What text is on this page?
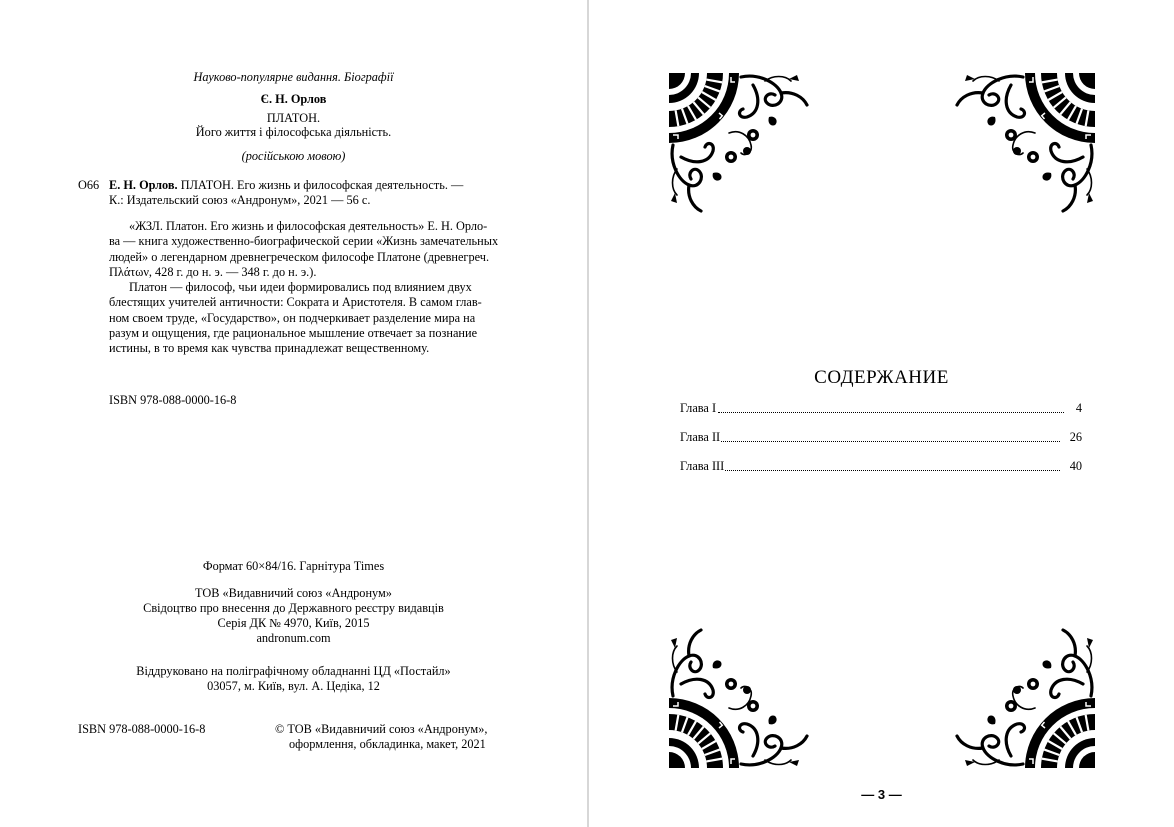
Науково-популярне видання. Біографії
Є. Н. Орлов
ПЛАТОН.
Його життя і філософська діяльність.
(російською мовою)
О66 Е. Н. Орлов. ПЛАТОН. Его жизнь и философская деятельность. —
К.: Издательский союз «Андронум», 2021 — 56 с.
«ЖЗЛ. Платон. Его жизнь и философская деятельность» Е. Н. Орло-
ва — книга художественно-биографической серии «Жизнь замечательных
людей» о легендарном древнегреческом философе Платоне (древнегреч.
Πλάτων, 428 г. до н. э. — 348 г. до н. э.).
Платон — философ, чьи идеи формировались под влиянием двух
блестящих учителей античности: Сократа и Аристотеля. В самом глав-
ном своем труде, «Государство», он подчеркивает разделение мира на
разум и ощущения, где рациональное мышление отвечает за познание
истины, в то время как чувства принадлежат вещественному.
ISBN 978-088-0000-16-8
Формат 60×84/16. Гарнітура Times
ТОВ «Видавничий союз «Андронум»
Свідоцтво про внесення до Державного реєстру видавців
Серія ДК № 4970, Київ, 2015
andronum.com
Віддруковано на поліграфічному обладнанні ЦД «Постайл»
03057, м. Київ, вул. А. Цедіка, 12
ISBN 978-088-0000-16-8	© ТОВ «Видавничий союз «Андронум»,
оформлення, обкладинка, макет, 2021
СОДЕРЖАНИЕ
Глава I	4
Глава II	26
Глава III	40
— 3 —
